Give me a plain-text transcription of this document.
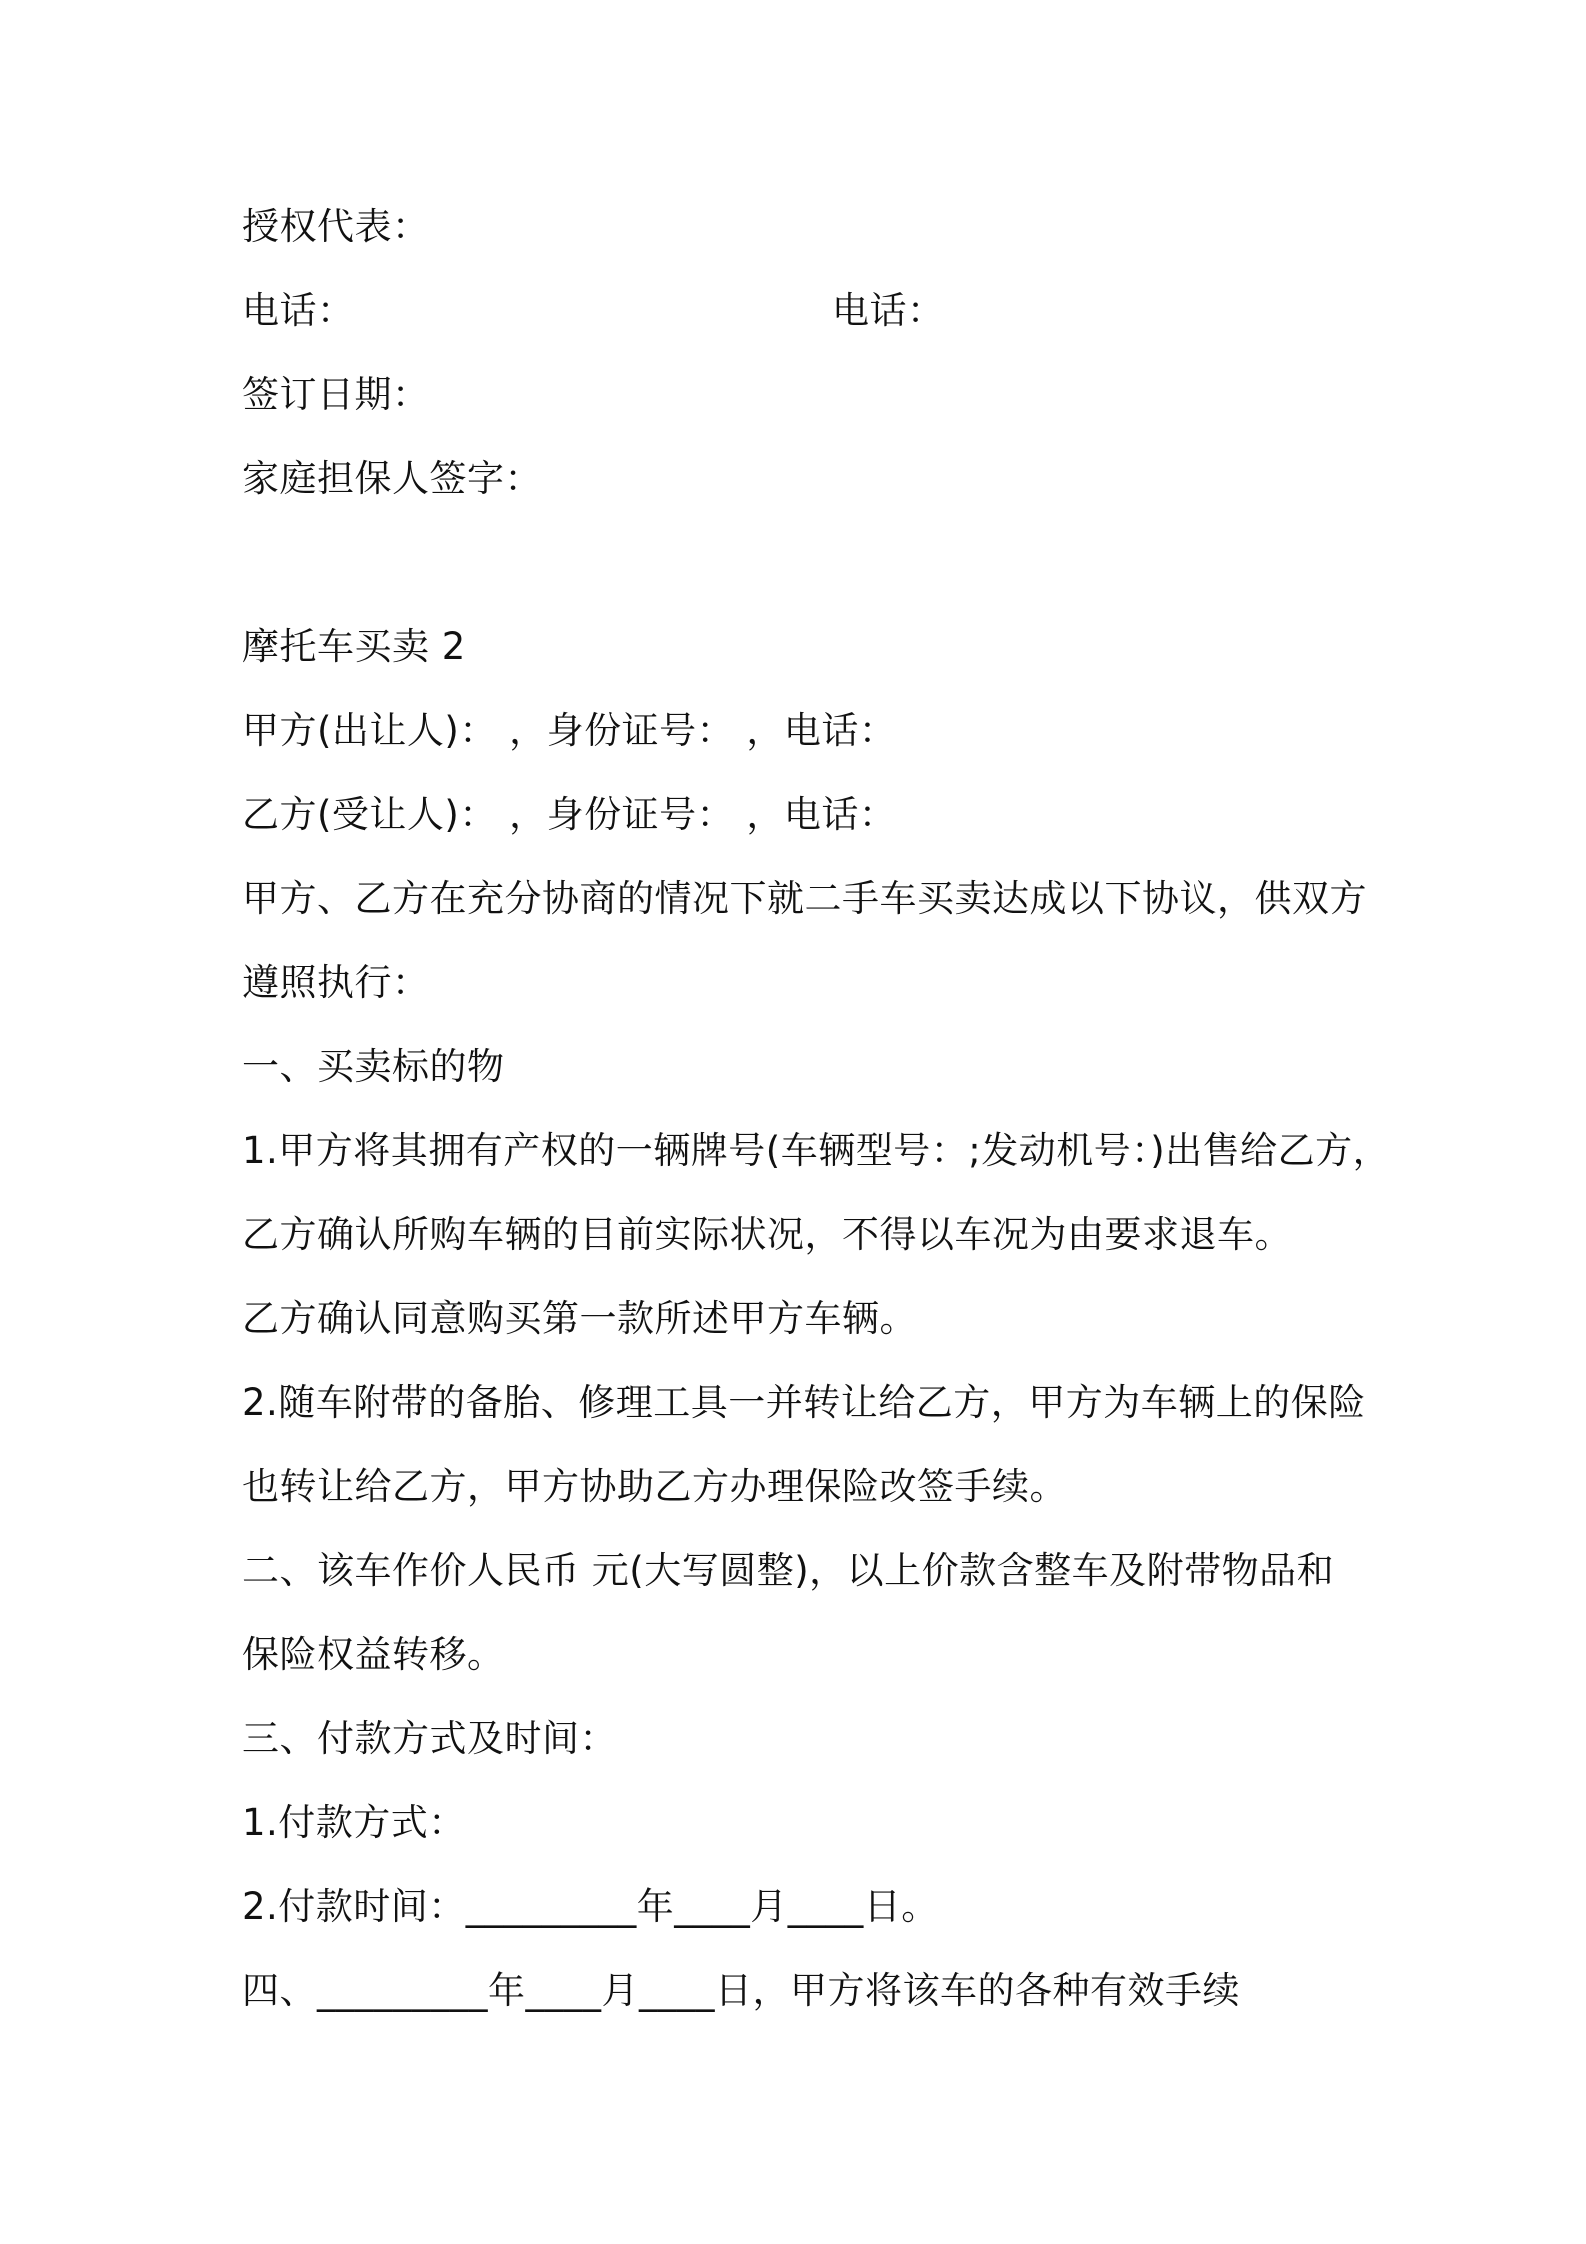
授权代表：
电话：	电话：
签订日期：
家庭担保人签字：
摩托车买卖 2
甲方(出让人)： ，身份证号： ，电话：
乙方(受让人)： ，身份证号： ，电话：
甲方、乙方在充分协商的情况下就二手车买卖达成以下协议，供双方
遵照执行：
一、买卖标的物
1.甲方将其拥有产权的一辆牌号(车辆型号：;发动机号：)出售给乙方，
乙方确认所购车辆的目前实际状况，不得以车况为由要求退车。
乙方确认同意购买第一款所述甲方车辆。
2.随车附带的备胎、修理工具一并转让给乙方，甲方为车辆上的保险
也转让给乙方，甲方协助乙方办理保险改签手续。
二、该车作价人民币 元(大写圆整)，以上价款含整车及附带物品和
保险权益转移。
三、付款方式及时间：
1.付款方式：
2.付款时间：_________年____月____日。
四、_________年____月____日，甲方将该车的各种有效手续
